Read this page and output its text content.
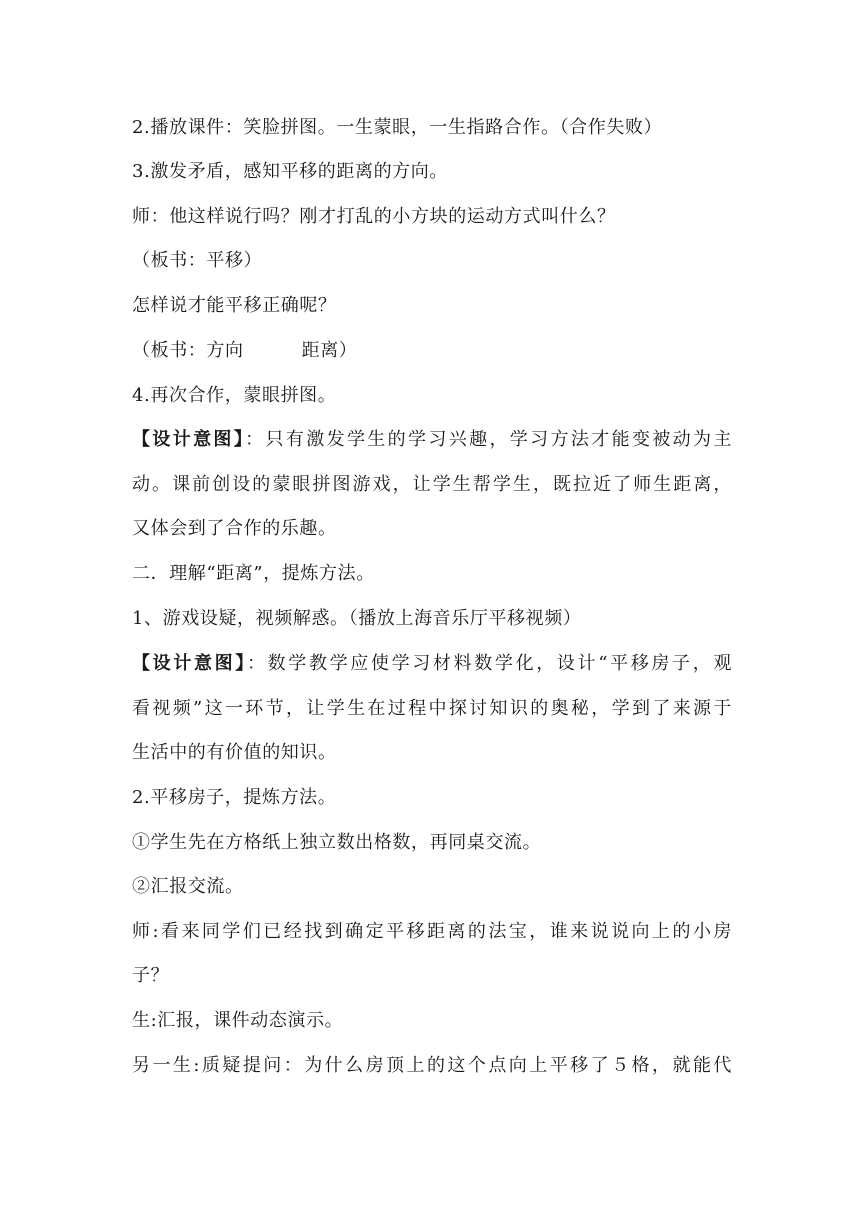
2.播放课件：笑脸拼图。一生蒙眼，一生指路合作。（合作失败）
3.激发矛盾，感知平移的距离的方向。
师：他这样说行吗？刚才打乱的小方块的运动方式叫什么？
（板书：平移）
怎样说才能平移正确呢？
（板书：方向	距离）
4.再次合作，蒙眼拼图。
【设计意图】：只有激发学生的学习兴趣，学习方法才能变被动为主
动。课前创设的蒙眼拼图游戏，让学生帮学生，既拉近了师生距离，
又体会到了合作的乐趣。
二．理解“距离”，提炼方法。
1、游戏设疑，视频解惑。（播放上海音乐厅平移视频）
【设计意图】：数学教学应使学习材料数学化，设计“平移房子，观
看视频”这一环节，让学生在过程中探讨知识的奥秘，学到了来源于
生活中的有价值的知识。
2.平移房子，提炼方法。
①学生先在方格纸上独立数出格数，再同桌交流。
②汇报交流。
师:看来同学们已经找到确定平移距离的法宝，谁来说说向上的小房
子？
生:汇报，课件动态演示。
另一生:质疑提问：为什么房顶上的这个点向上平移了５格，就能代
